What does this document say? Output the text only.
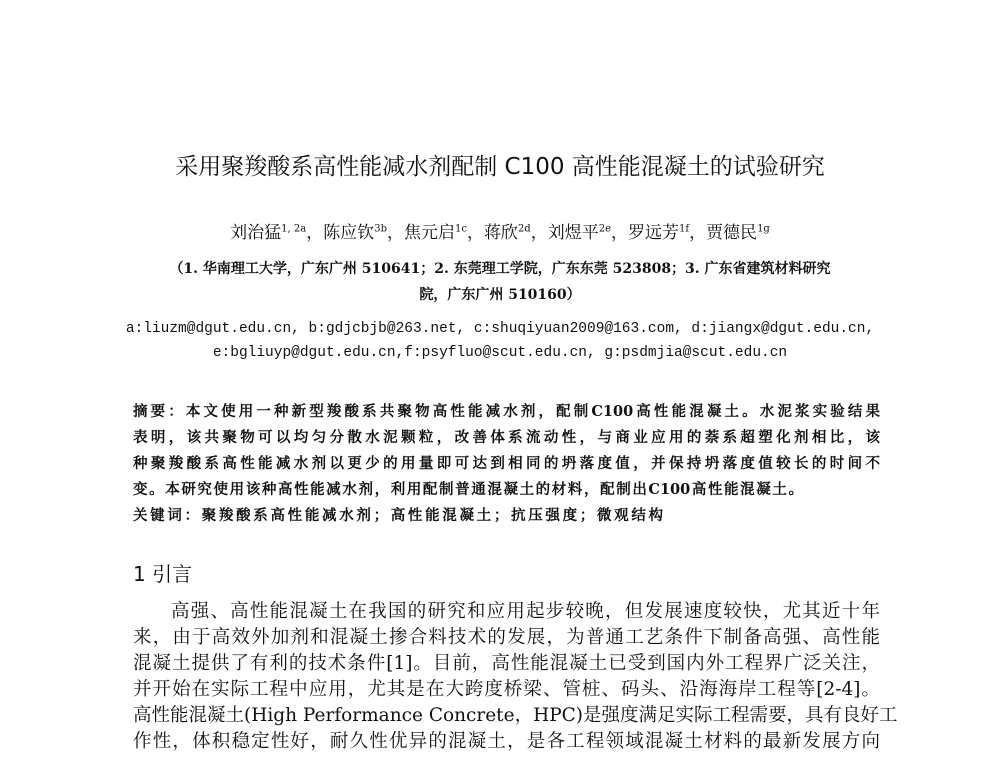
采用聚羧酸系高性能减水剂配制 C100 高性能混凝土的试验研究
刘治猛$^{1, 2a}$，陈应钦$^{3b}$，焦元启$^{1c}$，蒋欣$^{2d}$，刘煜平$^{2e}$，罗远芳$^{1f}$，贾德民$^{1g}$
（1. 华南理工大学，广东广州 510641；2. 东莞理工学院，广东东莞 523808；3. 广东省建筑材料研究
院，广东广州 510160）
a:liuzm@dgut.edu.cn, b:gdjcbjb@263.net, c:shuqiyuan2009@163.com, d:jiangx@dgut.edu.cn,
e:bgliuyp@dgut.edu.cn,f:psyfluo@scut.edu.cn, g:psdmjia@scut.edu.cn
摘要：本文使用一种新型羧酸系共聚物高性能减水剂，配制C100高性能混凝土。水泥浆实验结果
表明，该共聚物可以均匀分散水泥颗粒，改善体系流动性，与商业应用的萘系超塑化剂相比，该
种聚羧酸系高性能减水剂以更少的用量即可达到相同的坍落度值，并保持坍落度值较长的时间不
变。本研究使用该种高性能减水剂，利用配制普通混凝土的材料，配制出C100高性能混凝土。
关键词：聚羧酸系高性能减水剂；高性能混凝土；抗压强度；微观结构
1 引言
高强、高性能混凝土在我国的研究和应用起步较晚，但发展速度较快，尤其近十年
来，由于高效外加剂和混凝土掺合料技术的发展，为普通工艺条件下制备高强、高性能
混凝土提供了有利的技术条件[1]。目前，高性能混凝土已受到国内外工程界广泛关注，
并开始在实际工程中应用，尤其是在大跨度桥梁、管桩、码头、沿海海岸工程等[2-4]。
高性能混凝土(High Performance Concrete，HPC)是强度满足实际工程需要，具有良好工
作性，体积稳定性好，耐久性优异的混凝土，是各工程领域混凝土材料的最新发展方向
